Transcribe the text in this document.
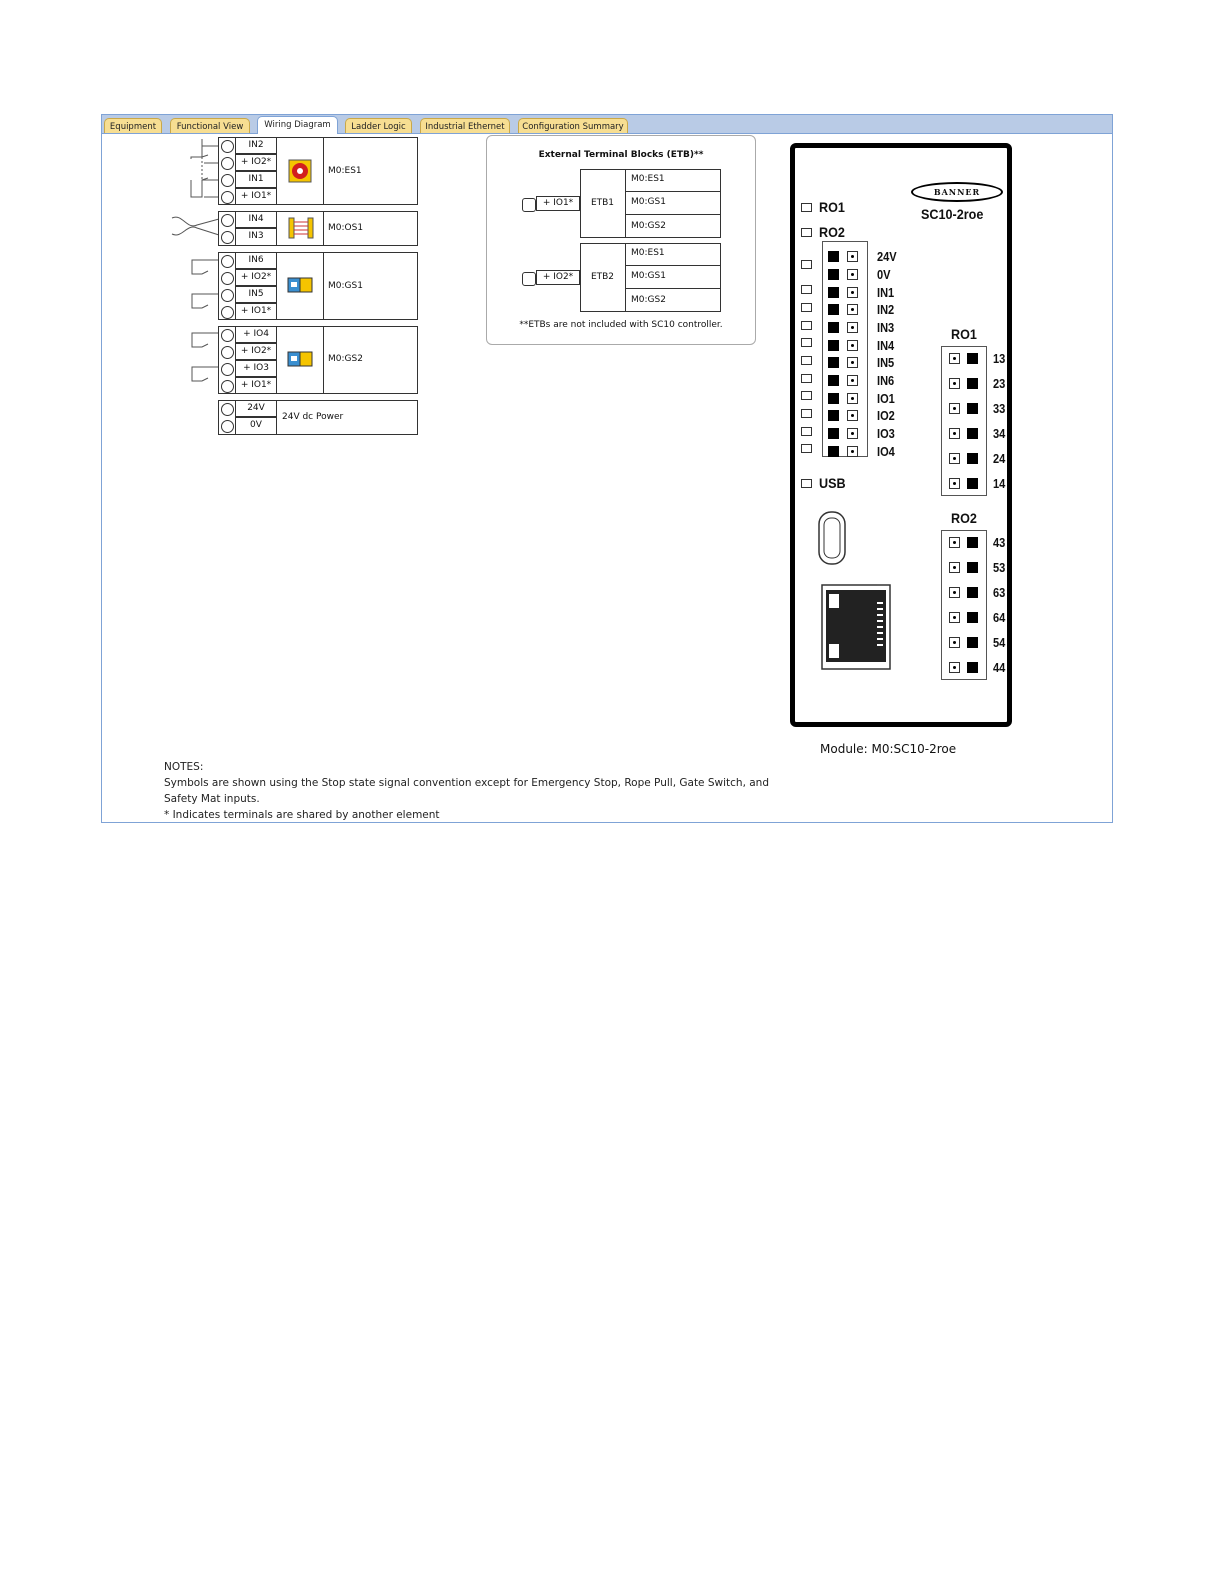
Equipment	Functional View	Wiring Diagram	Ladder Logic	Industrial Ethernet	Configuration Summary
IN2
+ IO2*
IN1
+ IO1*
M0:ES1
IN4
IN3
M0:OS1
IN6
+ IO2*
IN5
+ IO1*
M0:GS1
+ IO4
+ IO2*
+ IO3
+ IO1*
M0:GS2
24V
0V
24V dc Power
External Terminal Blocks (ETB)**
+ IO1*	ETB1
M0:ES1
M0:GS1
M0:GS2
+ IO2*	ETB2
M0:ES1
M0:GS1
M0:GS2
**ETBs are not included with SC10 controller.
BANNER
SC10-2roe
RO1
RO2
USB
RO1
RO2
24V
0V
IN1
IN2
IN3
IN4
IN5
IN6
IO1
IO2
IO3
IO4
13
23
33
34
24
14
43
53
63
64
54
44
Module: M0:SC10-2roe
NOTES:
Symbols are shown using the Stop state signal convention except for Emergency Stop, Rope Pull, Gate Switch, and
Safety Mat inputs.
* Indicates terminals are shared by another element
